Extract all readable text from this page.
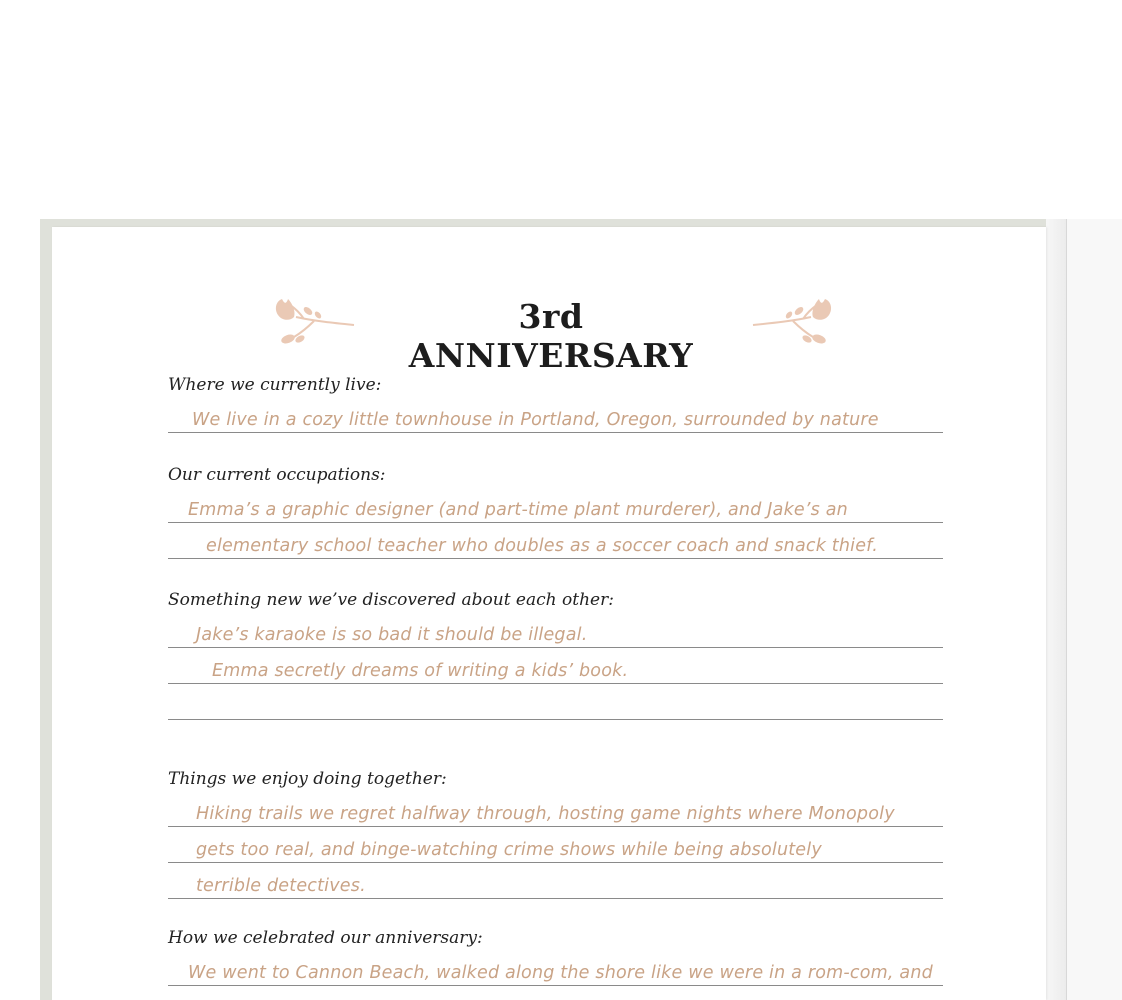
3rd ANNIVERSARY
Where we currently live:
We live in a cozy little townhouse in Portland, Oregon, surrounded by nature
Our current occupations:
Emma’s a graphic designer (and part-time plant murderer), and Jake’s an
elementary school teacher who doubles as a soccer coach and snack thief.
Something new we’ve discovered about each other:
Jake’s karaoke is so bad it should be illegal.
Emma secretly dreams of writing a kids’ book.
Things we enjoy doing together:
Hiking trails we regret halfway through, hosting game nights where Monopoly
gets too real, and binge-watching crime shows while being absolutely
terrible detectives.
How we celebrated our anniversary:
We went to Cannon Beach, walked along the shore like we were in a rom-com, and
